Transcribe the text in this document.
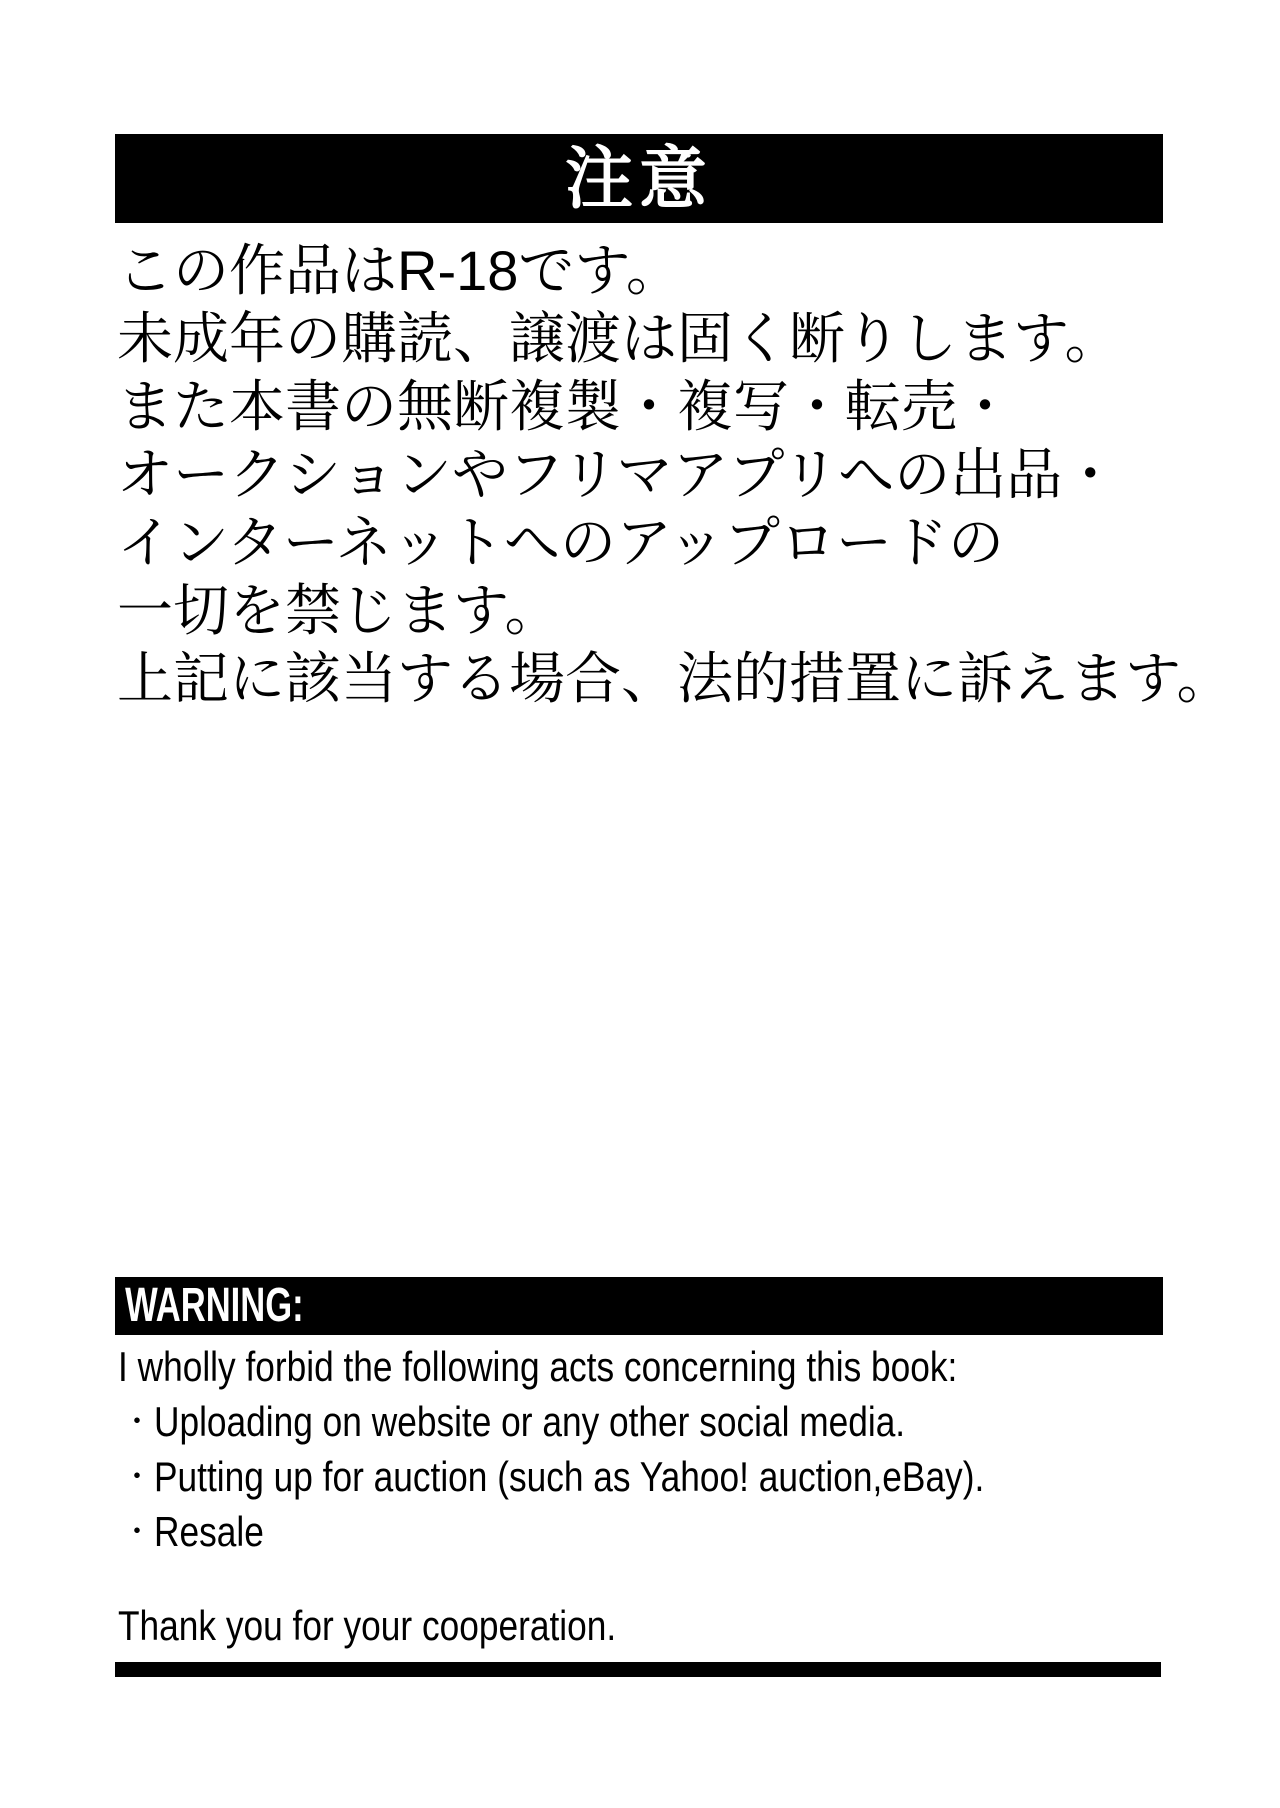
注意
この作品はR-18です。
未成年の購読、譲渡は固く断りします。
また本書の無断複製・複写・転売・
オークションやフリマアプリへの出品・
インターネットへのアップロードの
一切を禁じます。
上記に該当する場合、法的措置に訴えます。
WARNING:
I wholly forbid the following acts concerning this book:
・ Uploading on website or any other social media.
・ Putting up for auction (such as Yahoo! auction,eBay).
・ Resale
Thank you for your cooperation.
